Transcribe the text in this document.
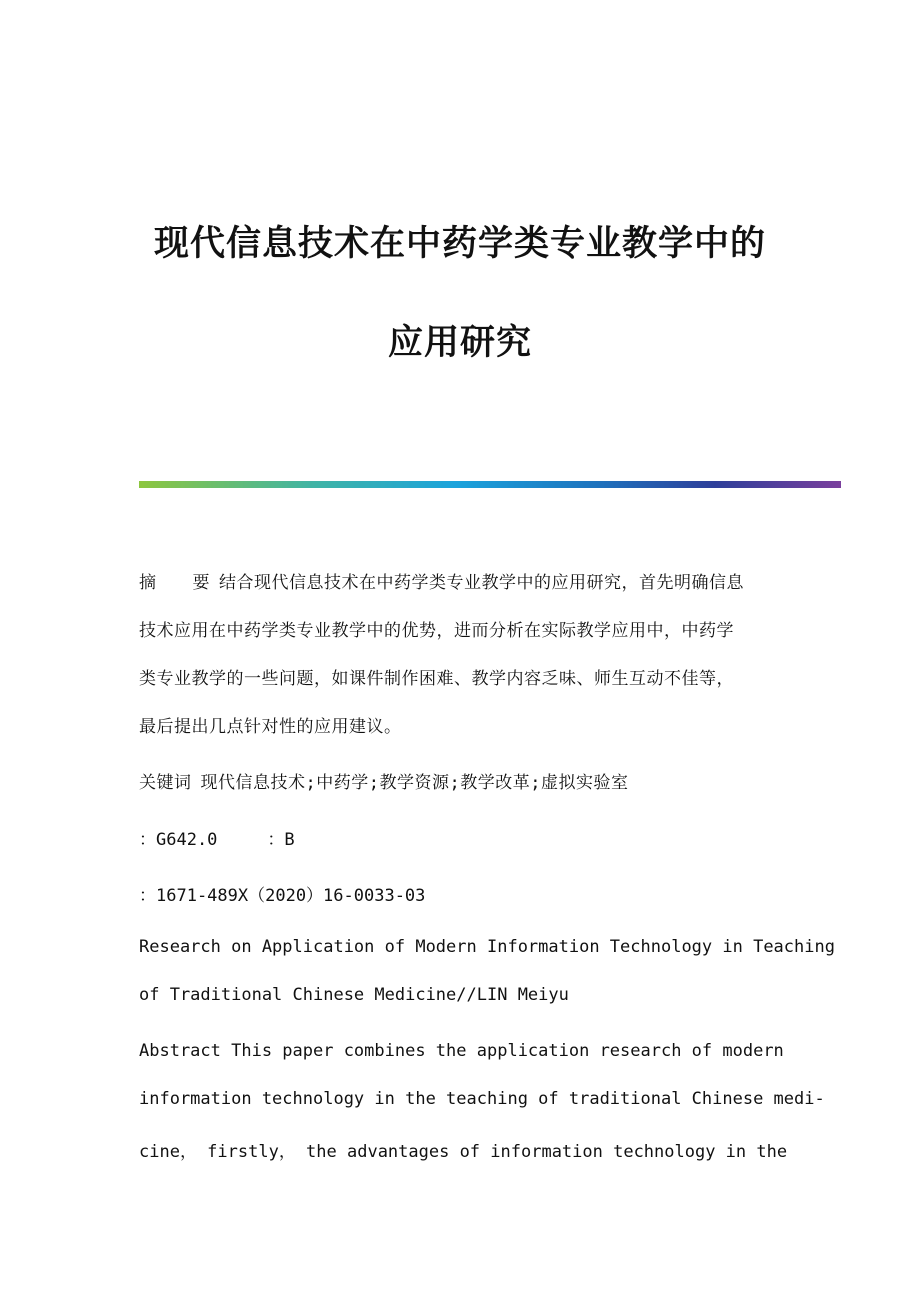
现代信息技术在中药学类专业教学中的
应用研究
摘 要 结合现代信息技术在中药学类专业教学中的应用研究，首先明确信息
技术应用在中药学类专业教学中的优势，进而分析在实际教学应用中，中药学
类专业教学的一些问题，如课件制作困难、教学内容乏味、师生互动不佳等，
最后提出几点针对性的应用建议。
关键词 现代信息技术;中药学;教学资源;教学改革;虚拟实验室
：G642.0	：B
：1671-489X（2020）16-0033-03
Research on Application of Modern Information Technology in Teaching
of Traditional Chinese Medicine//LIN Meiyu
Abstract This paper combines the application research of modern
information technology in the teaching of traditional Chinese medi-
cine， firstly， the advantages of information technology in the
